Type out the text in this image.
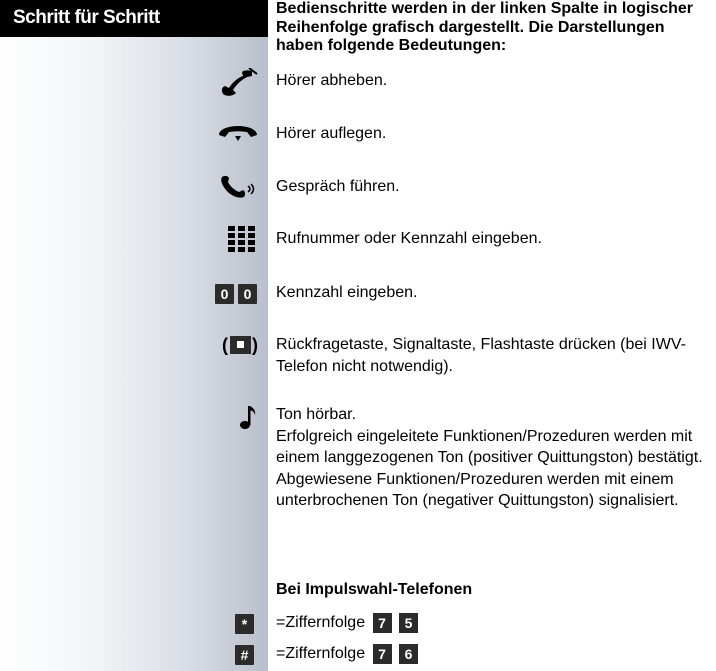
Schritt für Schritt	Bedienschritte werden in der linken Spalte in logischer Reihenfolge grafisch dargestellt. Die Darstellungen haben folgende Bedeutungen:
Hörer abheben.
Hörer auflegen.
Gespräch führen.
Rufnummer oder Kennzahl eingeben.
0	0	Kennzahl eingeben.
( ) Rückfragetaste, Signaltaste, Flashtaste drücken (bei IWV-Telefon nicht notwendig).
Ton hörbar.
Erfolgreich eingeleitete Funktionen/Prozeduren werden mit einem langgezogenen Ton (positiver Quittungston) bestätigt.
Abgewiesene Funktionen/Prozeduren werden mit einem unterbrochenen Ton (negativer Quittungston) signalisiert.
Bei Impulswahl-Telefonen
*	=Ziffernfolge 7 5
#	=Ziffernfolge 7 6
